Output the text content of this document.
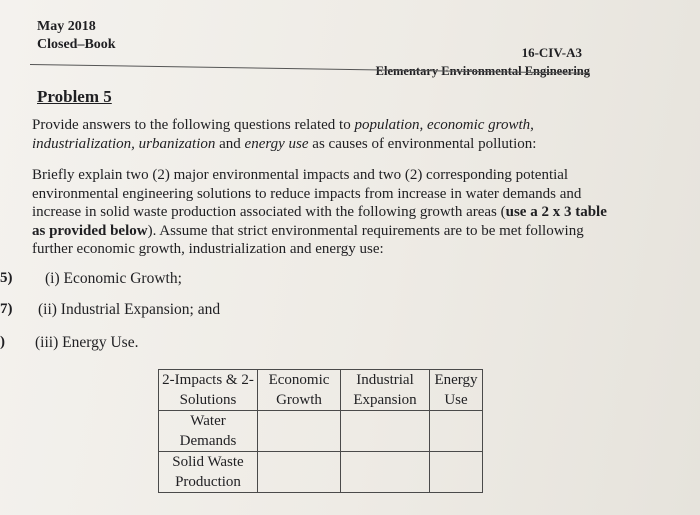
May 2018
Closed–Book
16-CIV-A3
Elementary Environmental Engineering
Problem 5
Provide answers to the following questions related to population, economic growth, industrialization, urbanization and energy use as causes of environmental pollution:
Briefly explain two (2) major environmental impacts and two (2) corresponding potential environmental engineering solutions to reduce impacts from increase in water demands and increase in solid waste production associated with the following growth areas (use a 2 x 3 table as provided below). Assume that strict environmental requirements are to be met following further economic growth, industrialization and energy use:
5)
7)
)
(i) Economic Growth;
(ii) Industrial Expansion; and
(iii) Energy Use.
2-Impacts & 2-Solutions	Economic Growth	Industrial Expansion	Energy Use
Water Demands			
Solid Waste Production			
